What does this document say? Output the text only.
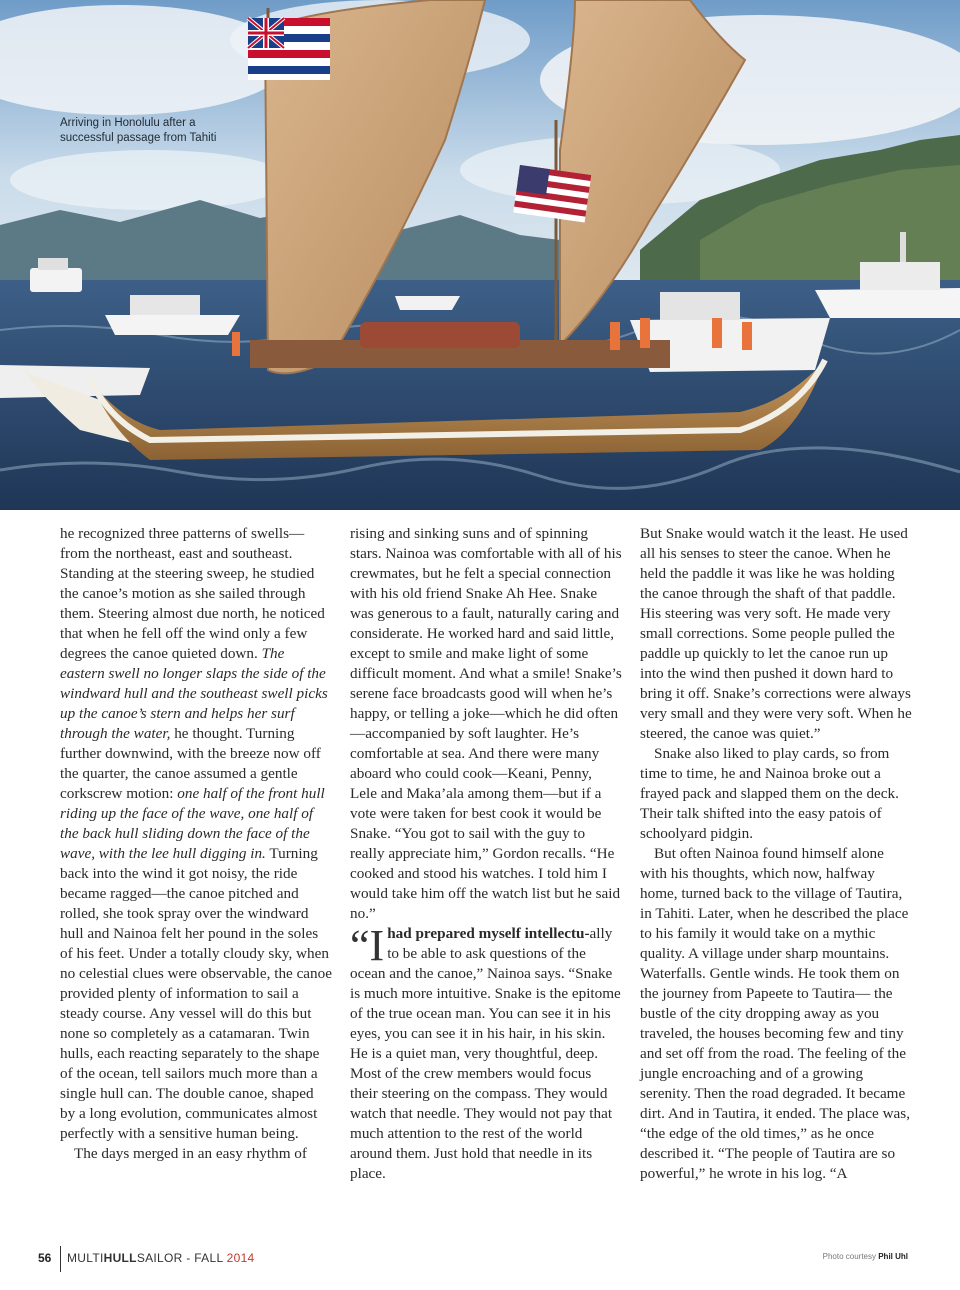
Arriving in Honolulu after a successful passage from Tahiti

he recognized three patterns of swells—from the northeast, east and southeast. Standing at the steering sweep, he studied the canoe’s motion as she sailed through them. Steering almost due north, he noticed that when he fell off the wind only a few degrees the canoe quieted down. The eastern swell no longer slaps the side of the windward hull and the southeast swell picks up the canoe’s stern and helps her surf through the water, he thought. Turning further downwind, with the breeze now off the quarter, the canoe assumed a gentle corkscrew motion: one half of the front hull riding up the face of the wave, one half of the back hull sliding down the face of the wave, with the lee hull digging in. Turning back into the wind it got noisy, the ride became ragged—the canoe pitched and rolled, she took spray over the windward hull and Nainoa felt her pound in the soles of his feet. Under a totally cloudy sky, when no celestial clues were observable, the canoe provided plenty of information to sail a steady course. Any vessel will do this but none so completely as a catamaran. Twin hulls, each reacting separately to the shape of the ocean, tell sailors much more than a single hull can. The double canoe, shaped by a long evolution, communicates almost perfectly with a sensitive human being.

The days merged in an easy rhythm of

rising and sinking suns and of spinning stars. Nainoa was comfortable with all of his crewmates, but he felt a special connection with his old friend Snake Ah Hee. Snake was generous to a fault, naturally caring and considerate. He worked hard and said little, except to smile and make light of some difficult moment. And what a smile! Snake’s serene face broadcasts good will when he’s happy, or telling a joke—which he did often—accompanied by soft laughter. He’s comfortable at sea. And there were many aboard who could cook—Keani, Penny, Lele and Maka’ala among them—but if a vote were taken for best cook it would be Snake. “You got to sail with the guy to really appreciate him,” Gordon recalls. “He cooked and stood his watches. I told him I would take him off the watch list but he said no.”

“Ihad prepared myself intellectu-ally to be able to ask questions of the ocean and the canoe,” Nainoa says. “Snake is much more intuitive. Snake is the epitome of the true ocean man. You can see it in his eyes, you can see it in his hair, in his skin. He is a quiet man, very thoughtful, deep. Most of the crew members would focus their steering on the compass. They would watch that needle. They would not pay that much attention to the rest of the world around them. Just hold that needle in its place.

But Snake would watch it the least. He used all his senses to steer the canoe. When he held the paddle it was like he was holding the canoe through the shaft of that paddle. His steering was very soft. He made very small corrections. Some people pulled the paddle up quickly to let the canoe run up into the wind then pushed it down hard to bring it off. Snake’s corrections were always very small and they were very soft. When he steered, the canoe was quiet.”

Snake also liked to play cards, so from time to time, he and Nainoa broke out a frayed pack and slapped them on the deck. Their talk shifted into the easy patois of schoolyard pidgin.

But often Nainoa found himself alone with his thoughts, which now, halfway home, turned back to the village of Tautira, in Tahiti. Later, when he described the place to his family it would take on a mythic quality. A village under sharp mountains. Waterfalls. Gentle winds. He took them on the journey from Papeete to Tautira— the bustle of the city dropping away as you traveled, the houses becoming few and tiny and set off from the road. The feeling of the jungle encroaching and of a growing serenity. Then the road degraded. It became dirt. And in Tautira, it ended. The place was, “the edge of the old times,” as he once described it. “The people of Tautira are so powerful,” he wrote in his log. “A

56 MULTIHULLSAILOR - FALL 2014	Photo courtesy Phil Uhl
